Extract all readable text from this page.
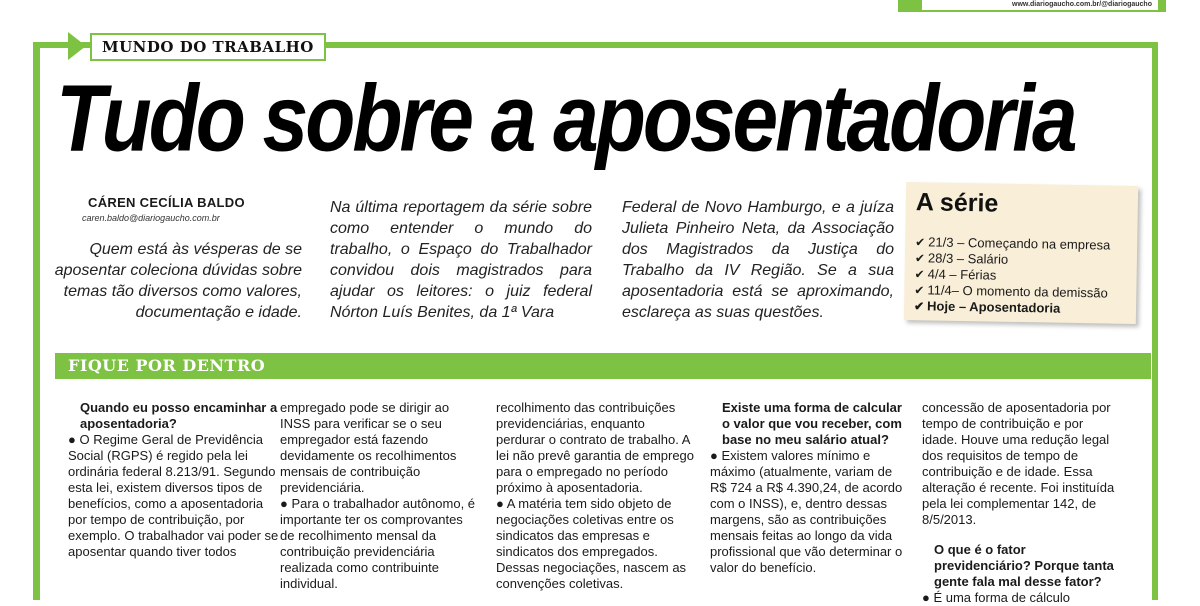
www.diariogaucho.com.br/@diariogaucho
MUNDO DO TRABALHO
Tudo sobre a aposentadoria
CÁREN CECÍLIA BALDO
caren.baldo@diariogaucho.com.br
Quem está às vésperas de se aposentar coleciona dúvidas sobre temas tão diversos como valores, documentação e idade.
Na última reportagem da série sobre como entender o mundo do trabalho, o Espaço do Trabalhador convidou dois magistrados para ajudar os leitores: o juiz federal Nórton Luís Benites, da 1ª Vara
Federal de Novo Hamburgo, e a juíza Julieta Pinheiro Neta, da Associação dos Magistrados da Justiça do Trabalho da IV Região. Se a sua aposentadoria está se aproximando, esclareça as suas questões.
A série
✔ 21/3 – Começando na empresa
✔ 28/3 – Salário
✔ 4/4 – Férias
✔ 11/4– O momento da demissão
✔ Hoje – Aposentadoria
FIQUE POR DENTRO

Quando eu posso encaminhar a aposentadoria?

● O Regime Geral de Previdência Social (RGPS) é regido pela lei ordinária federal 8.213/91. Segundo esta lei, existem diversos tipos de benefícios, como a aposentadoria por tempo de contribuição, por exemplo. O trabalhador vai poder se aposentar quando tiver todos

empregado pode se dirigir ao INSS para verificar se o seu empregador está fazendo devidamente os recolhimentos mensais de contribuição previdenciária.

● Para o trabalhador autônomo, é importante ter os comprovantes de recolhimento mensal da contribuição previdenciária realizada como contribuinte individual.

recolhimento das contribuições previdenciárias, enquanto perdurar o contrato de trabalho. A lei não prevê garantia de emprego para o empregado no período próximo à aposentadoria.

● A matéria tem sido objeto de negociações coletivas entre os sindicatos das empresas e sindicatos dos empregados. Dessas negociações, nascem as convenções coletivas.

Existe uma forma de calcular o valor que vou receber, com base no meu salário atual?

● Existem valores mínimo e máximo (atualmente, variam de R$ 724 a R$ 4.390,24, de acordo com o INSS), e, dentro dessas margens, são as contribuições mensais feitas ao longo da vida profissional que vão determinar o valor do benefício.

concessão de aposentadoria por tempo de contribuição e por idade. Houve uma redução legal dos requisitos de tempo de contribuição e de idade. Essa alteração é recente. Foi instituída pela lei complementar 142, de 8/5/2013.

O que é o fator previdenciário? Porque tanta gente fala mal desse fator?

● É uma forma de cálculo
